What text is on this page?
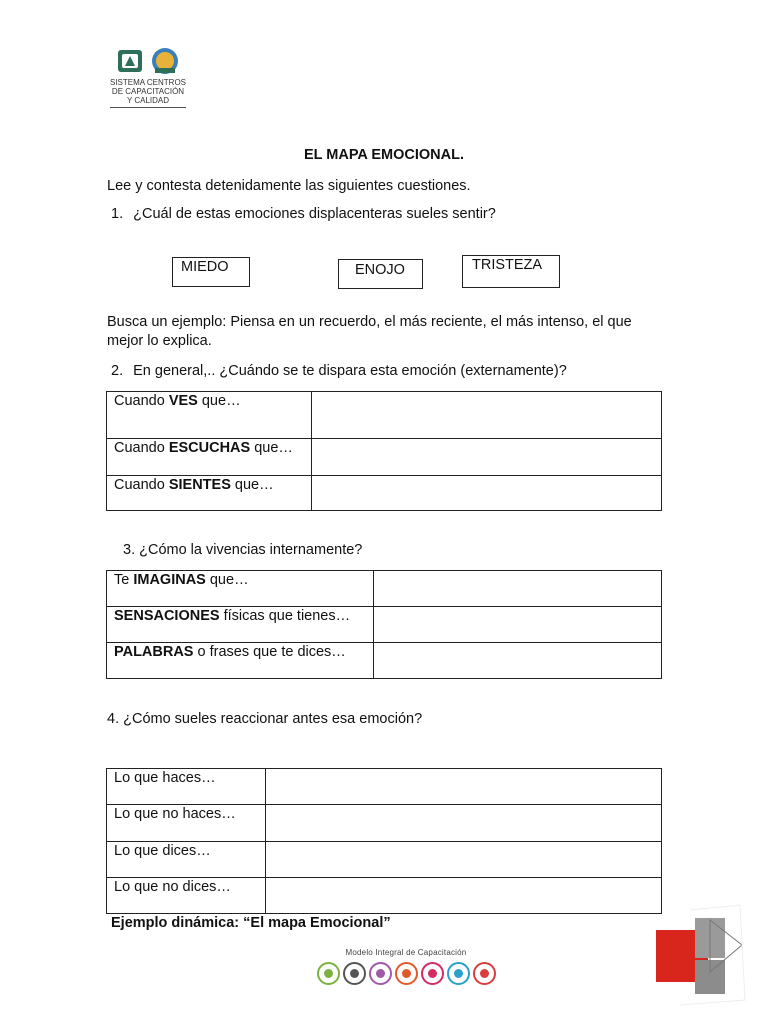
SISTEMA CENTROS
DE CAPACITACIÓN
Y CALIDAD
EL MAPA EMOCIONAL.
Lee y contesta detenidamente las siguientes cuestiones.
1. ¿Cuál de estas emociones displacenteras sueles sentir?
MIEDO	ENOJO	TRISTEZA
Busca un ejemplo: Piensa en un recuerdo, el más reciente, el más intenso, el que mejor lo explica.
2. En general,.. ¿Cuándo se te dispara esta emoción (externamente)?
Cuando VES que…	
Cuando ESCUCHAS que…	
Cuando SIENTES que…	
3. ¿Cómo la vivencias internamente?
Te IMAGINAS que…	
SENSACIONES físicas que tienes…	
PALABRAS o frases que te dices…	
4. ¿Cómo sueles reaccionar antes esa emoción?
Lo que haces…	
Lo que no haces…	
Lo que dices…	
Lo que no dices…	
Ejemplo dinámica: “El mapa Emocional”
Modelo Integral de Capacitación
